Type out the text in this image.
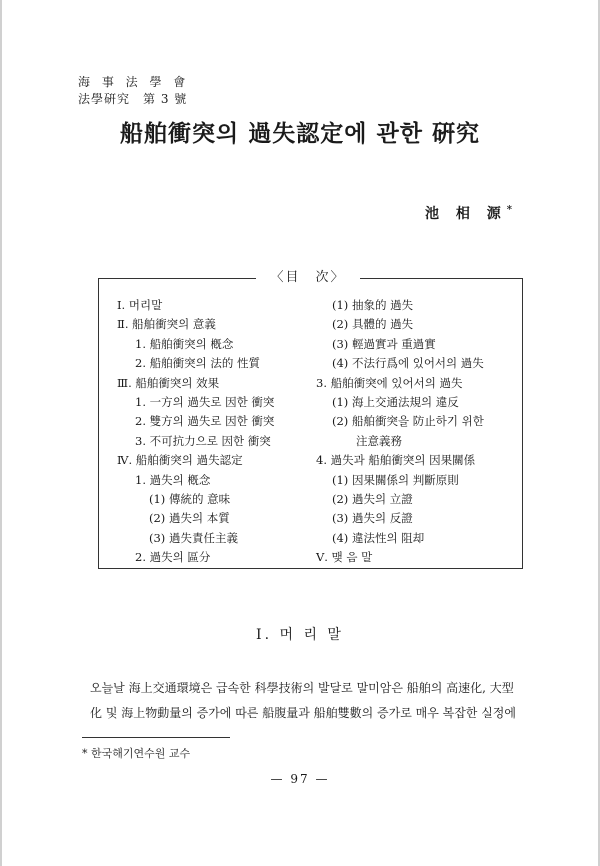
海 事 法 學 會
法學硏究　第 3 號
船舶衝突의 過失認定에 관한 硏究
池 相 源*
〈目　次〉
Ⅰ. 머리말
Ⅱ. 船舶衝突의 意義
1. 船舶衝突의 槪念
2. 船舶衝突의 法的 性質
Ⅲ. 船舶衝突의 效果
1. 一方의 過失로 因한 衝突
2. 雙方의 過失로 因한 衝突
3. 不可抗力으로 因한 衝突
Ⅳ. 船舶衝突의 過失認定
1. 過失의 槪念
(1) 傳統的 意味
(2) 過失의 本質
(3) 過失責任主義
2. 過失의 區分
(1) 抽象的 過失
(2) 具體的 過失
(3) 輕過實과 重過實
(4) 不法行爲에 있어서의 過失
3. 船舶衝突에 있어서의 過失
(1) 海上交通法規의 違反
(2) 船舶衝突을 防止하기 위한
注意義務
4. 過失과 船舶衝突의 因果關係
(1) 因果關係의 判斷原則
(2) 過失의 立證
(3) 過失의 反證
(4) 違法性의 阻却
Ⅴ. 맺 음 말
Ⅰ. 머 리 말
오늘날 海上交通環境은 급속한 科學技術의 발달로 말미암은 船舶의 高速化, 大型
化 및 海上物動量의 증가에 따른 船腹量과 船舶雙數의 증가로 매우 복잡한 실정에
* 한국해기연수원 교수
— 97 —
